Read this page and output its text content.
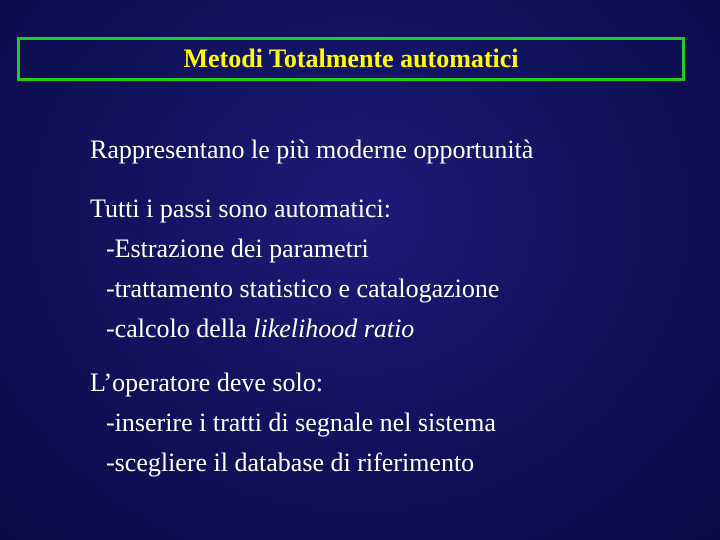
Metodi Totalmente automatici
Rappresentano le più moderne opportunità
Tutti i passi sono automatici:
-Estrazione dei parametri
-trattamento statistico e catalogazione
-calcolo della likelihood ratio
L’operatore deve solo:
-inserire i tratti di segnale nel sistema
-scegliere il database di riferimento
